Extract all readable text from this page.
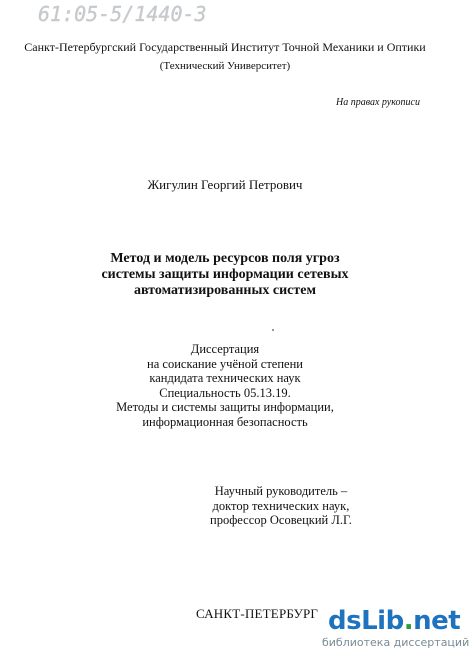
61:05-5/1440-3
Санкт-Петербургский Государственный Институт Точной Механики и Оптики
(Технический Университет)
На правах рукописи
Жигулин Георгий Петрович
Метод и модель ресурсов поля угроз
системы защиты информации сетевых
автоматизированных систем
Диссертация
на соискание учёной степени
кандидата технических наук
Специальность 05.13.19.
Методы и системы защиты информации,
информационная безопасность
Научный руководитель –
доктор технических наук,
профессор Осовецкий Л.Г.
САНКТ-ПЕТЕРБУРГ dsLib.net
библиотека диссертаций
